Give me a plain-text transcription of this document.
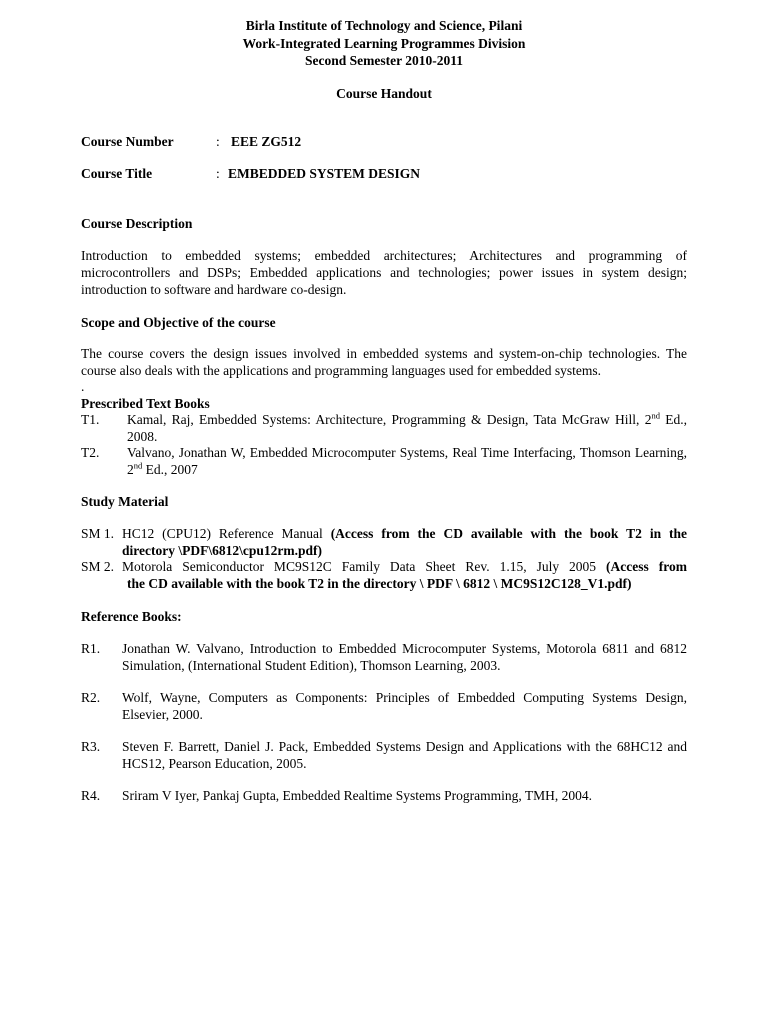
Birla Institute of Technology and Science, Pilani
Work-Integrated Learning Programmes Division
Second Semester 2010-2011
Course Handout
Course Number	: EEE ZG512
Course Title	: EMBEDDED SYSTEM DESIGN
Course Description
Introduction to embedded systems; embedded architectures; Architectures and programming of microcontrollers and DSPs; Embedded applications and technologies; power issues in system design; introduction to software and hardware co-design.
Scope and Objective of the course
The course covers the design issues involved in embedded systems and system-on-chip technologies. The course also deals with the applications and programming languages used for embedded systems.
.
Prescribed Text Books
T1. Kamal, Raj, Embedded Systems: Architecture, Programming & Design, Tata McGraw Hill, 2nd Ed., 2008.
T2. Valvano, Jonathan W, Embedded Microcomputer Systems, Real Time Interfacing, Thomson Learning, 2nd Ed., 2007
Study Material
SM 1. HC12 (CPU12) Reference Manual (Access from the CD available with the book T2 in the
directory \PDF\6812\cpu12rm.pdf)
SM 2. Motorola Semiconductor MC9S12C Family Data Sheet Rev. 1.15, July 2005 (Access from
the CD available with the book T2 in the directory \ PDF \ 6812 \ MC9S12C128_V1.pdf)
Reference Books:
R1. Jonathan W. Valvano, Introduction to Embedded Microcomputer Systems, Motorola 6811 and 6812 Simulation, (International Student Edition), Thomson Learning, 2003.
R2. Wolf, Wayne, Computers as Components: Principles of Embedded Computing Systems Design, Elsevier, 2000.
R3. Steven F. Barrett, Daniel J. Pack, Embedded Systems Design and Applications with the 68HC12 and HCS12, Pearson Education, 2005.
R4. Sriram V Iyer, Pankaj Gupta, Embedded Realtime Systems Programming, TMH, 2004.
